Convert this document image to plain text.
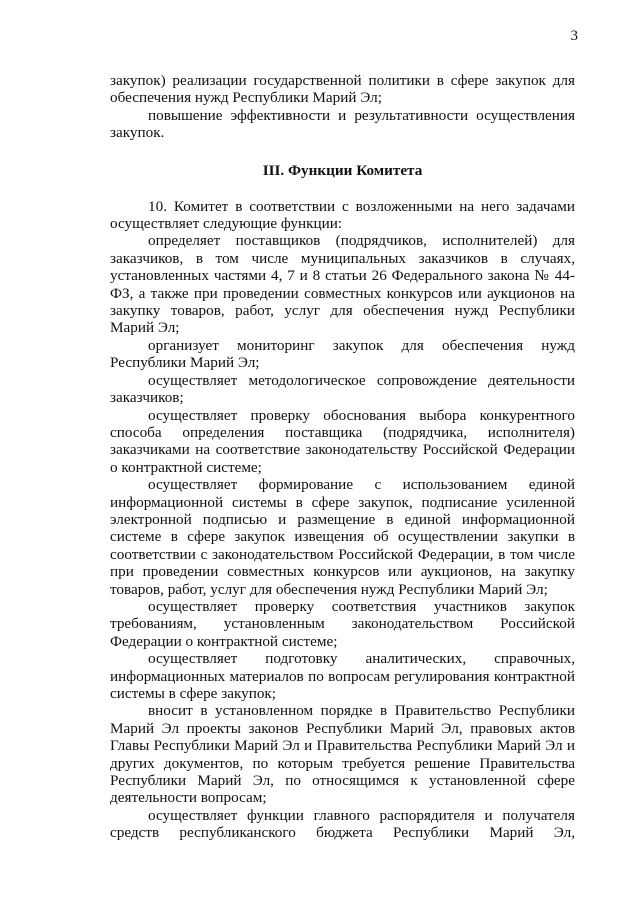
3

закупок) реализации государственной политики в сфере закупок для обеспечения нужд Республики Марий Эл;

повышение эффективности и результативности осуществления закупок.

III. Функции Комитета

10. Комитет в соответствии с возложенными на него задачами осуществляет следующие функции:

определяет поставщиков (подрядчиков, исполнителей) для заказчиков, в том числе муниципальных заказчиков в случаях, установленных частями 4, 7 и 8 статьи 26 Федерального закона № 44-ФЗ, а также при проведении совместных конкурсов или аукционов на закупку товаров, работ, услуг для обеспечения нужд Республики Марий Эл;

организует мониторинг закупок для обеспечения нужд Республики Марий Эл;

осуществляет методологическое сопровождение деятельности заказчиков;

осуществляет проверку обоснования выбора конкурентного способа определения поставщика (подрядчика, исполнителя) заказчиками на соответствие законодательству Российской Федерации о контрактной системе;

осуществляет формирование с использованием единой информационной системы в сфере закупок, подписание усиленной электронной подписью и размещение в единой информационной системе в сфере закупок извещения об осуществлении закупки в соответствии с законодательством Российской Федерации, в том числе при проведении совместных конкурсов или аукционов, на закупку товаров, работ, услуг для обеспечения нужд Республики Марий Эл;

осуществляет проверку соответствия участников закупок требованиям, установленным законодательством Российской Федерации о контрактной системе;

осуществляет подготовку аналитических, справочных, информационных материалов по вопросам регулирования контрактной системы в сфере закупок;

вносит в установленном порядке в Правительство Республики Марий Эл проекты законов Республики Марий Эл, правовых актов Главы Республики Марий Эл и Правительства Республики Марий Эл и других документов, по которым требуется решение Правительства Республики Марий Эл, по относящимся к установленной сфере деятельности вопросам;

осуществляет функции главного распорядителя и получателя средств республиканского бюджета Республики Марий Эл,
